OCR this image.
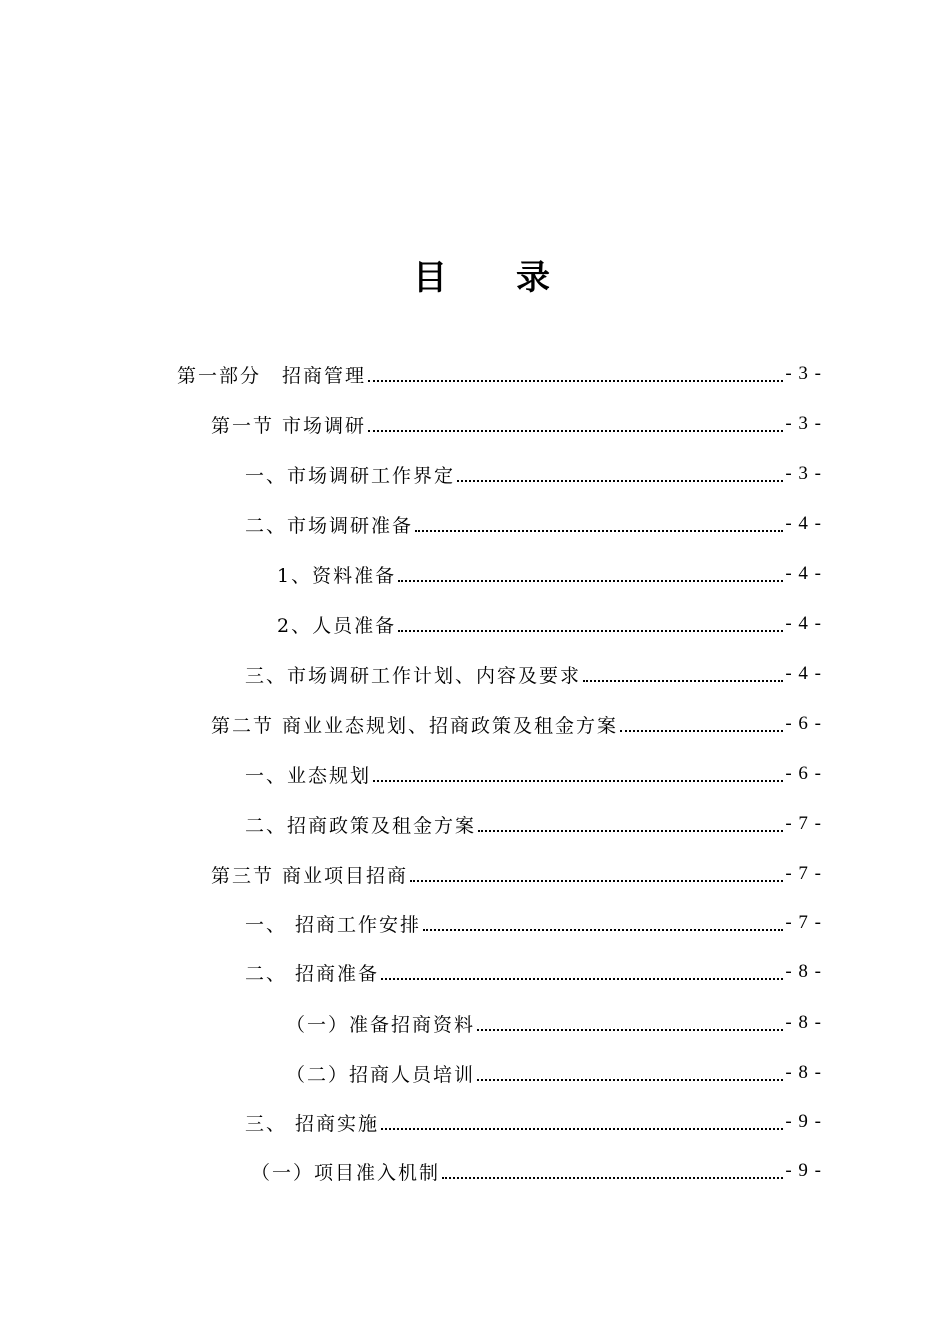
目 录
第一部分　招商管理	- 3 -
第一节 市场调研	- 3 -
一、市场调研工作界定	- 3 -
二、市场调研准备	- 4 -
1、资料准备	- 4 -
2、人员准备	- 4 -
三、市场调研工作计划、内容及要求	- 4 -
第二节 商业业态规划、招商政策及租金方案	- 6 -
一、业态规划	- 6 -
二、招商政策及租金方案	- 7 -
第三节 商业项目招商	- 7 -
一、 招商工作安排	- 7 -
二、 招商准备	- 8 -
（一）准备招商资料	- 8 -
（二）招商人员培训	- 8 -
三、 招商实施	- 9 -
（一）项目准入机制	- 9 -
